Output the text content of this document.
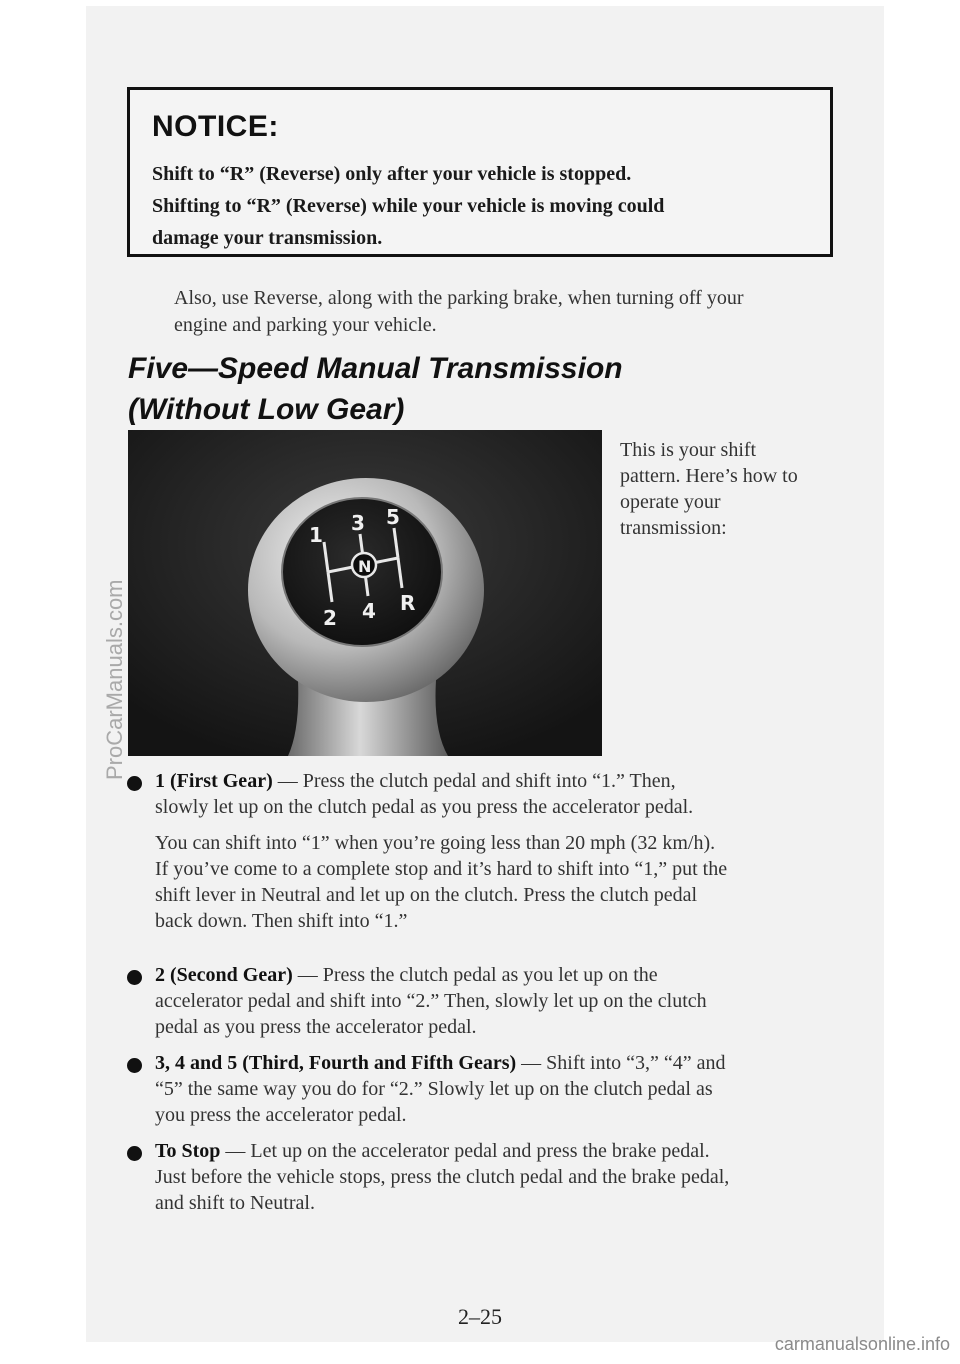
NOTICE:
Shift to “R” (Reverse) only after your vehicle is stopped.
Shifting to “R” (Reverse) while your vehicle is moving could
damage your transmission.
Also, use Reverse, along with the parking brake, when turning off your
engine and parking your vehicle.
Five—Speed Manual Transmission
(Without Low Gear)
1 3 5
N
2 4 R
This is your shift
pattern. Here’s how to
operate your
transmission:
1 (First Gear) — Press the clutch pedal and shift into “1.” Then,
slowly let up on the clutch pedal as you press the accelerator pedal.
You can shift into “1” when you’re going less than 20 mph (32 km/h).
If you’ve come to a complete stop and it’s hard to shift into “1,” put the
shift lever in Neutral and let up on the clutch. Press the clutch pedal
back down. Then shift into “1.”
2 (Second Gear) — Press the clutch pedal as you let up on the
accelerator pedal and shift into “2.” Then, slowly let up on the clutch
pedal as you press the accelerator pedal.
3, 4 and 5 (Third, Fourth and Fifth Gears) — Shift into “3,” “4” and
“5” the same way you do for “2.” Slowly let up on the clutch pedal as
you press the accelerator pedal.
To Stop — Let up on the accelerator pedal and press the brake pedal.
Just before the vehicle stops, press the clutch pedal and the brake pedal,
and shift to Neutral.
2–25
ProCarManuals.com
carmanualsonline.info
